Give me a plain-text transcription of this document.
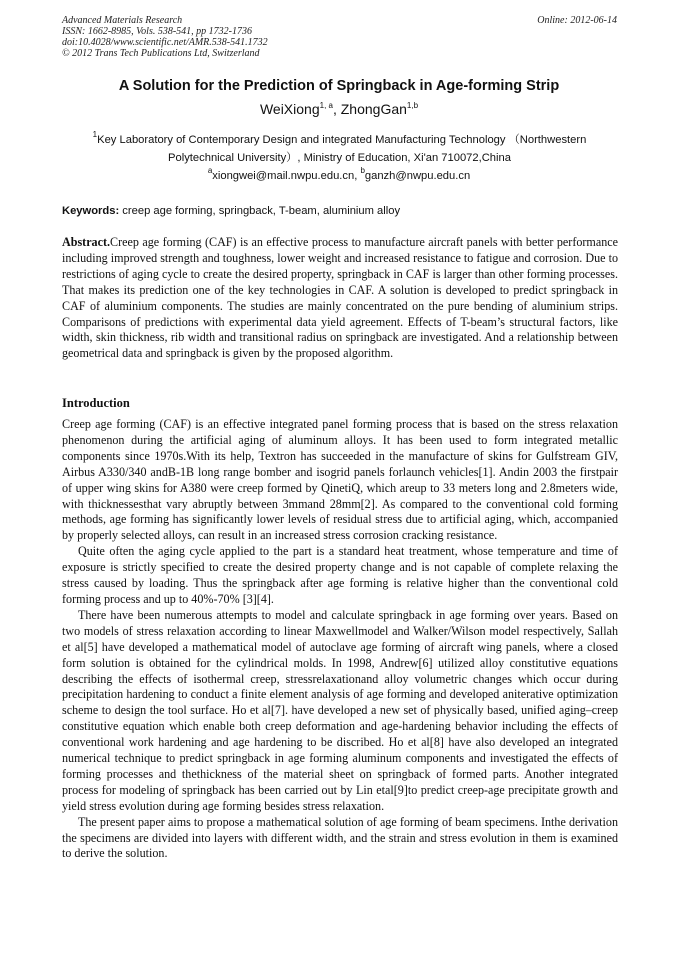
Advanced Materials Research
ISSN: 1662-8985, Vols. 538-541, pp 1732-1736
doi:10.4028/www.scientific.net/AMR.538-541.1732
© 2012 Trans Tech Publications Ltd, Switzerland
Online: 2012-06-14
A Solution for the Prediction of Springback in Age-forming Strip
WeiXiong$^{1, a}$, ZhongGan$^{1,b}$
$^1$Key Laboratory of Contemporary Design and integrated Manufacturing Technology （Northwestern Polytechnical University）, Ministry of Education, Xi'an 710072,China
$^a$xiongwei@mail.nwpu.edu.cn, $^b$ganzh@nwpu.edu.cn
Keywords: creep age forming, springback, T-beam, aluminium alloy
Abstract.Creep age forming (CAF) is an effective process to manufacture aircraft panels with better performance including improved strength and toughness, lower weight and increased resistance to fatigue and corrosion. Due to restrictions of aging cycle to create the desired property, springback in CAF is larger than other forming processes. That makes its prediction one of the key technologies in CAF. A solution is developed to predict springback in CAF of aluminium components. The studies are mainly concentrated on the pure bending of aluminium strips. Comparisons of predictions with experimental data yield agreement. Effects of T-beam’s structural factors, like width, skin thickness, rib width and transitional radius on springback are investigated. And a relationship between geometrical data and springback is given by the proposed algorithm.
Introduction

Creep age forming (CAF) is an effective integrated panel forming process that is based on the stress relaxation phenomenon during the artificial aging of aluminum alloys. It has been used to form integrated metallic components since 1970s.With its help, Textron has succeeded in the manufacture of skins for Gulfstream GIV, Airbus A330/340 andB-1B long range bomber and isogrid panels forlaunch vehicles[1]. Andin 2003 the firstpair of upper wing skins for A380 were creep formed by QinetiQ, which areup to 33 meters long and 2.8meters wide, with thicknessesthat vary abruptly between 3mmand 28mm[2]. As compared to the conventional cold forming methods, age forming has significantly lower levels of residual stress due to artificial aging, which, accompanied by properly selected alloys, can result in an increased stress corrosion cracking resistance.

Quite often the aging cycle applied to the part is a standard heat treatment, whose temperature and time of exposure is strictly specified to create the desired property change and is not capable of complete relaxing the stress caused by loading. Thus the springback after age forming is relative higher than the conventional cold forming process and up to 40%-70% [3][4].

There have been numerous attempts to model and calculate springback in age forming over years. Based on two models of stress relaxation according to linear Maxwellmodel and Walker/Wilson model respectively, Sallah et al[5] have developed a mathematical model of autoclave age forming of aircraft wing panels, where a closed form solution is obtained for the cylindrical molds. In 1998, Andrew[6] utilized alloy constitutive equations describing the effects of isothermal creep, stressrelaxationand alloy volumetric changes which occur during precipitation hardening to conduct a finite element analysis of age forming and developed aniterative optimization scheme to design the tool surface. Ho et al[7]. have developed a new set of physically based, unified aging–creep constitutive equation which enable both creep deformation and age-hardening behavior including the effects of conventional work hardening and age hardening to be discribed. Ho et al[8] have also developed an integrated numerical technique to predict springback in age forming aluminum components and investigated the effects of forming processes and thethickness of the material sheet on springback of formed parts. Another integrated process for modeling of springback has been carried out by Lin etal[9]to predict creep-age precipitate growth and yield stress evolution during age forming besides stress relaxation.

The present paper aims to propose a mathematical solution of age forming of beam specimens. Inthe derivation the specimens are divided into layers with different width, and the strain and stress evolution in them is examined to derive the solution.
